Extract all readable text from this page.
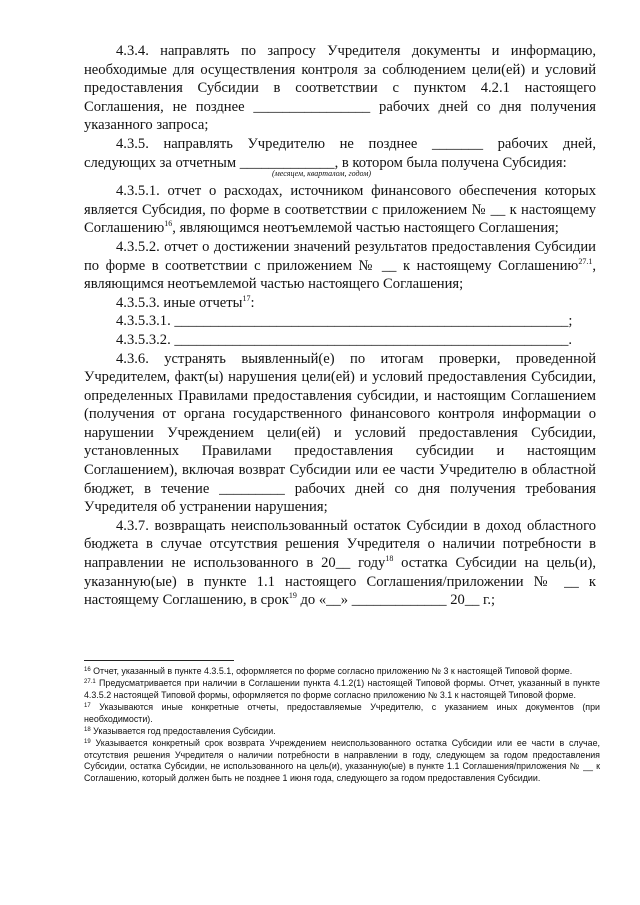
4.3.4. направлять по запросу Учредителя документы и информацию, необходимые для осуществления контроля за соблюдением цели(ей) и условий предоставления Субсидии в соответствии с пунктом 4.2.1 настоящего Соглашения, не позднее ________________ рабочих дней со дня получения указанного запроса;

4.3.5. направлять Учредителю не позднее _______ рабочих дней,

следующих за отчетным _____________, в котором была получена Субсидия:

(месяцем, кварталом, годом)

4.3.5.1. отчет о расходах, источником финансового обеспечения которых является Субсидия, по форме в соответствии с приложением № __ к настоящему Соглашению$^{16}$, являющимся неотъемлемой частью настоящего Соглашения;

4.3.5.2. отчет о достижении значений результатов предоставления Субсидии по форме в соответствии с приложением № __ к настоящему Соглашению$^{27.1}$, являющимся неотъемлемой частью настоящего Соглашения;

4.3.5.3. иные отчеты$^{17}$:

4.3.5.3.1. ______________________________________________________;

4.3.5.3.2. ______________________________________________________.

4.3.6. устранять выявленный(е) по итогам проверки, проведенной Учредителем, факт(ы) нарушения цели(ей) и условий предоставления Субсидии, определенных Правилами предоставления субсидии, и настоящим Соглашением (получения от органа государственного финансового контроля информации о нарушении Учреждением цели(ей) и условий предоставления Субсидии, установленных Правилами предоставления субсидии и настоящим Соглашением), включая возврат Субсидии или ее части Учредителю в областной бюджет, в течение _________ рабочих дней со дня получения требования Учредителя об устранении нарушения;

4.3.7. возвращать неиспользованный остаток Субсидии в доход областного бюджета в случае отсутствия решения Учредителя о наличии потребности в направлении не использованного в 20__ году$^{18}$ остатка Субсидии на цель(и), указанную(ые) в пункте 1.1 настоящего Соглашения/приложении № __ к настоящему Соглашению, в срок$^{19}$ до «__» _____________ 20__ г.;

$^{16}$ Отчет, указанный в пункте 4.3.5.1, оформляется по форме согласно приложению № 3 к настоящей Типовой форме.

$^{27.1}$ Предусматривается при наличии в Соглашении пункта 4.1.2(1) настоящей Типовой формы. Отчет, указанный в пункте 4.3.5.2 настоящей Типовой формы, оформляется по форме согласно приложению № 3.1 к настоящей Типовой форме.

$^{17}$ Указываются иные конкретные отчеты, предоставляемые Учредителю, с указанием иных документов (при необходимости).

$^{18}$ Указывается год предоставления Субсидии.

$^{19}$ Указывается конкретный срок возврата Учреждением неиспользованного остатка Субсидии или ее части в случае, отсутствия решения Учредителя о наличии потребности в направлении в году, следующем за годом предоставления Субсидии, остатка Субсидии, не использованного на цель(и), указанную(ые) в пункте 1.1 Соглашения/приложения № __ к Соглашению, который должен быть не позднее 1 июня года, следующего за годом предоставления Субсидии.
